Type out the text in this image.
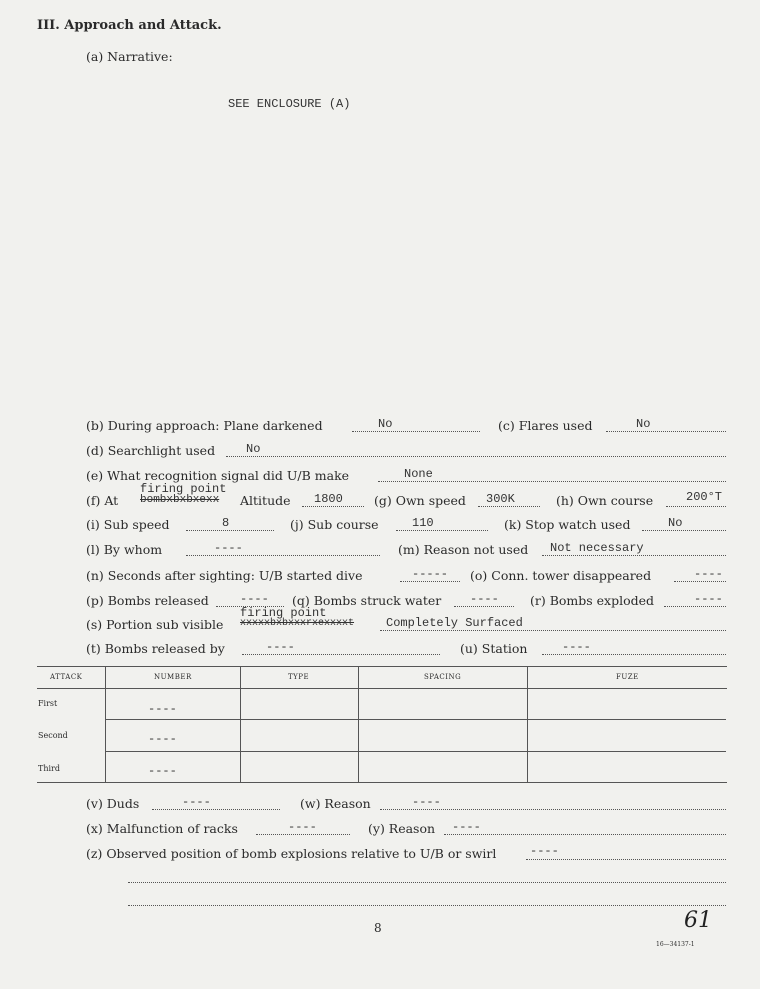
III. Approach and Attack.
(a) Narrative:
SEE ENCLOSURE (A)
(b) During approach: Plane darkened	No	(c) Flares used	No
(d) Searchlight used	No
(e) What recognition signal did U/B make	None
(f) At
firing point
bombxbxbxexx Altitude 1800 (g) Own speed 300K	(h) Own course	200°T
(i) Sub speed	8	(j) Sub course	110	(k) Stop watch used	No
(l) By whom	----	(m) Reason not used Not necessary
(n) Seconds after sighting: U/B started dive	----- (o) Conn. tower disappeared	----
(p) Bombs released	---- (q) Bombs struck water ---- (r) Bombs exploded	----
(s) Portion sub visible
firing point
xxxxxbxbxxxrxexxxxt	Completely Surfaced
(t) Bombs released by	----	(u) Station	----
ATTACK	NUMBER	TYPE	SPACING	FUZE
First	----
Second	----
Third	----
(v) Duds	----	(w) Reason	----
(x) Malfunction of racks	----	(y) Reason ----
(z) Observed position of bomb explosions relative to U/B or swirl	----
8	61
16—34137-1
